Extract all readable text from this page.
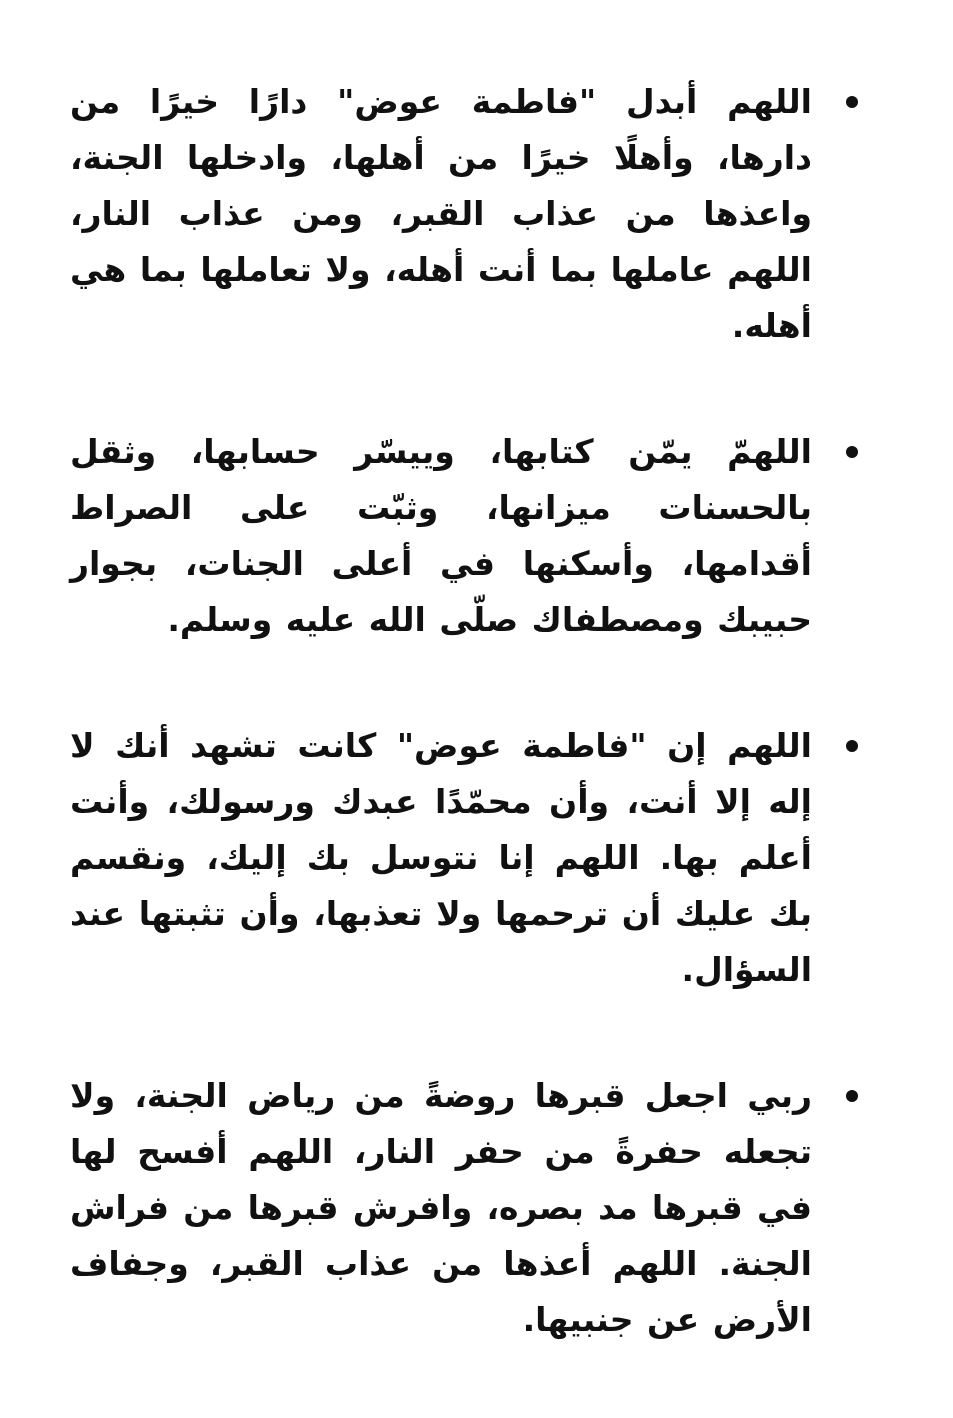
اللهم أبدل "فاطمة عوض" دارًا خيرًا من دارها، وأهلًا خيرًا من أهلها، وادخلها الجنة، واعذها من عذاب القبر، ومن عذاب النار، اللهم عاملها بما أنت أهله، ولا تعاملها بما هي أهله.
اللهمّ يمّن كتابها، وييسّر حسابها، وثقل بالحسنات ميزانها، وثبّت على الصراط أقدامها، وأسكنها في أعلى الجنات، بجوار حبيبك ومصطفاك صلّى الله عليه وسلم.
اللهم إن "فاطمة عوض" كانت تشهد أنك لا إله إلا أنت، وأن محمّدًا عبدك ورسولك، وأنت أعلم بها. اللهم إنا نتوسل بك إليك، ونقسم بك عليك أن ترحمها ولا تعذبها، وأن تثبتها عند السؤال.
ربي اجعل قبرها روضةً من رياض الجنة، ولا تجعله حفرةً من حفر النار، اللهم أفسح لها في قبرها مد بصره، وافرش قبرها من فراش الجنة. اللهم أعذها من عذاب القبر، وجفاف الأرض عن جنبيها.
